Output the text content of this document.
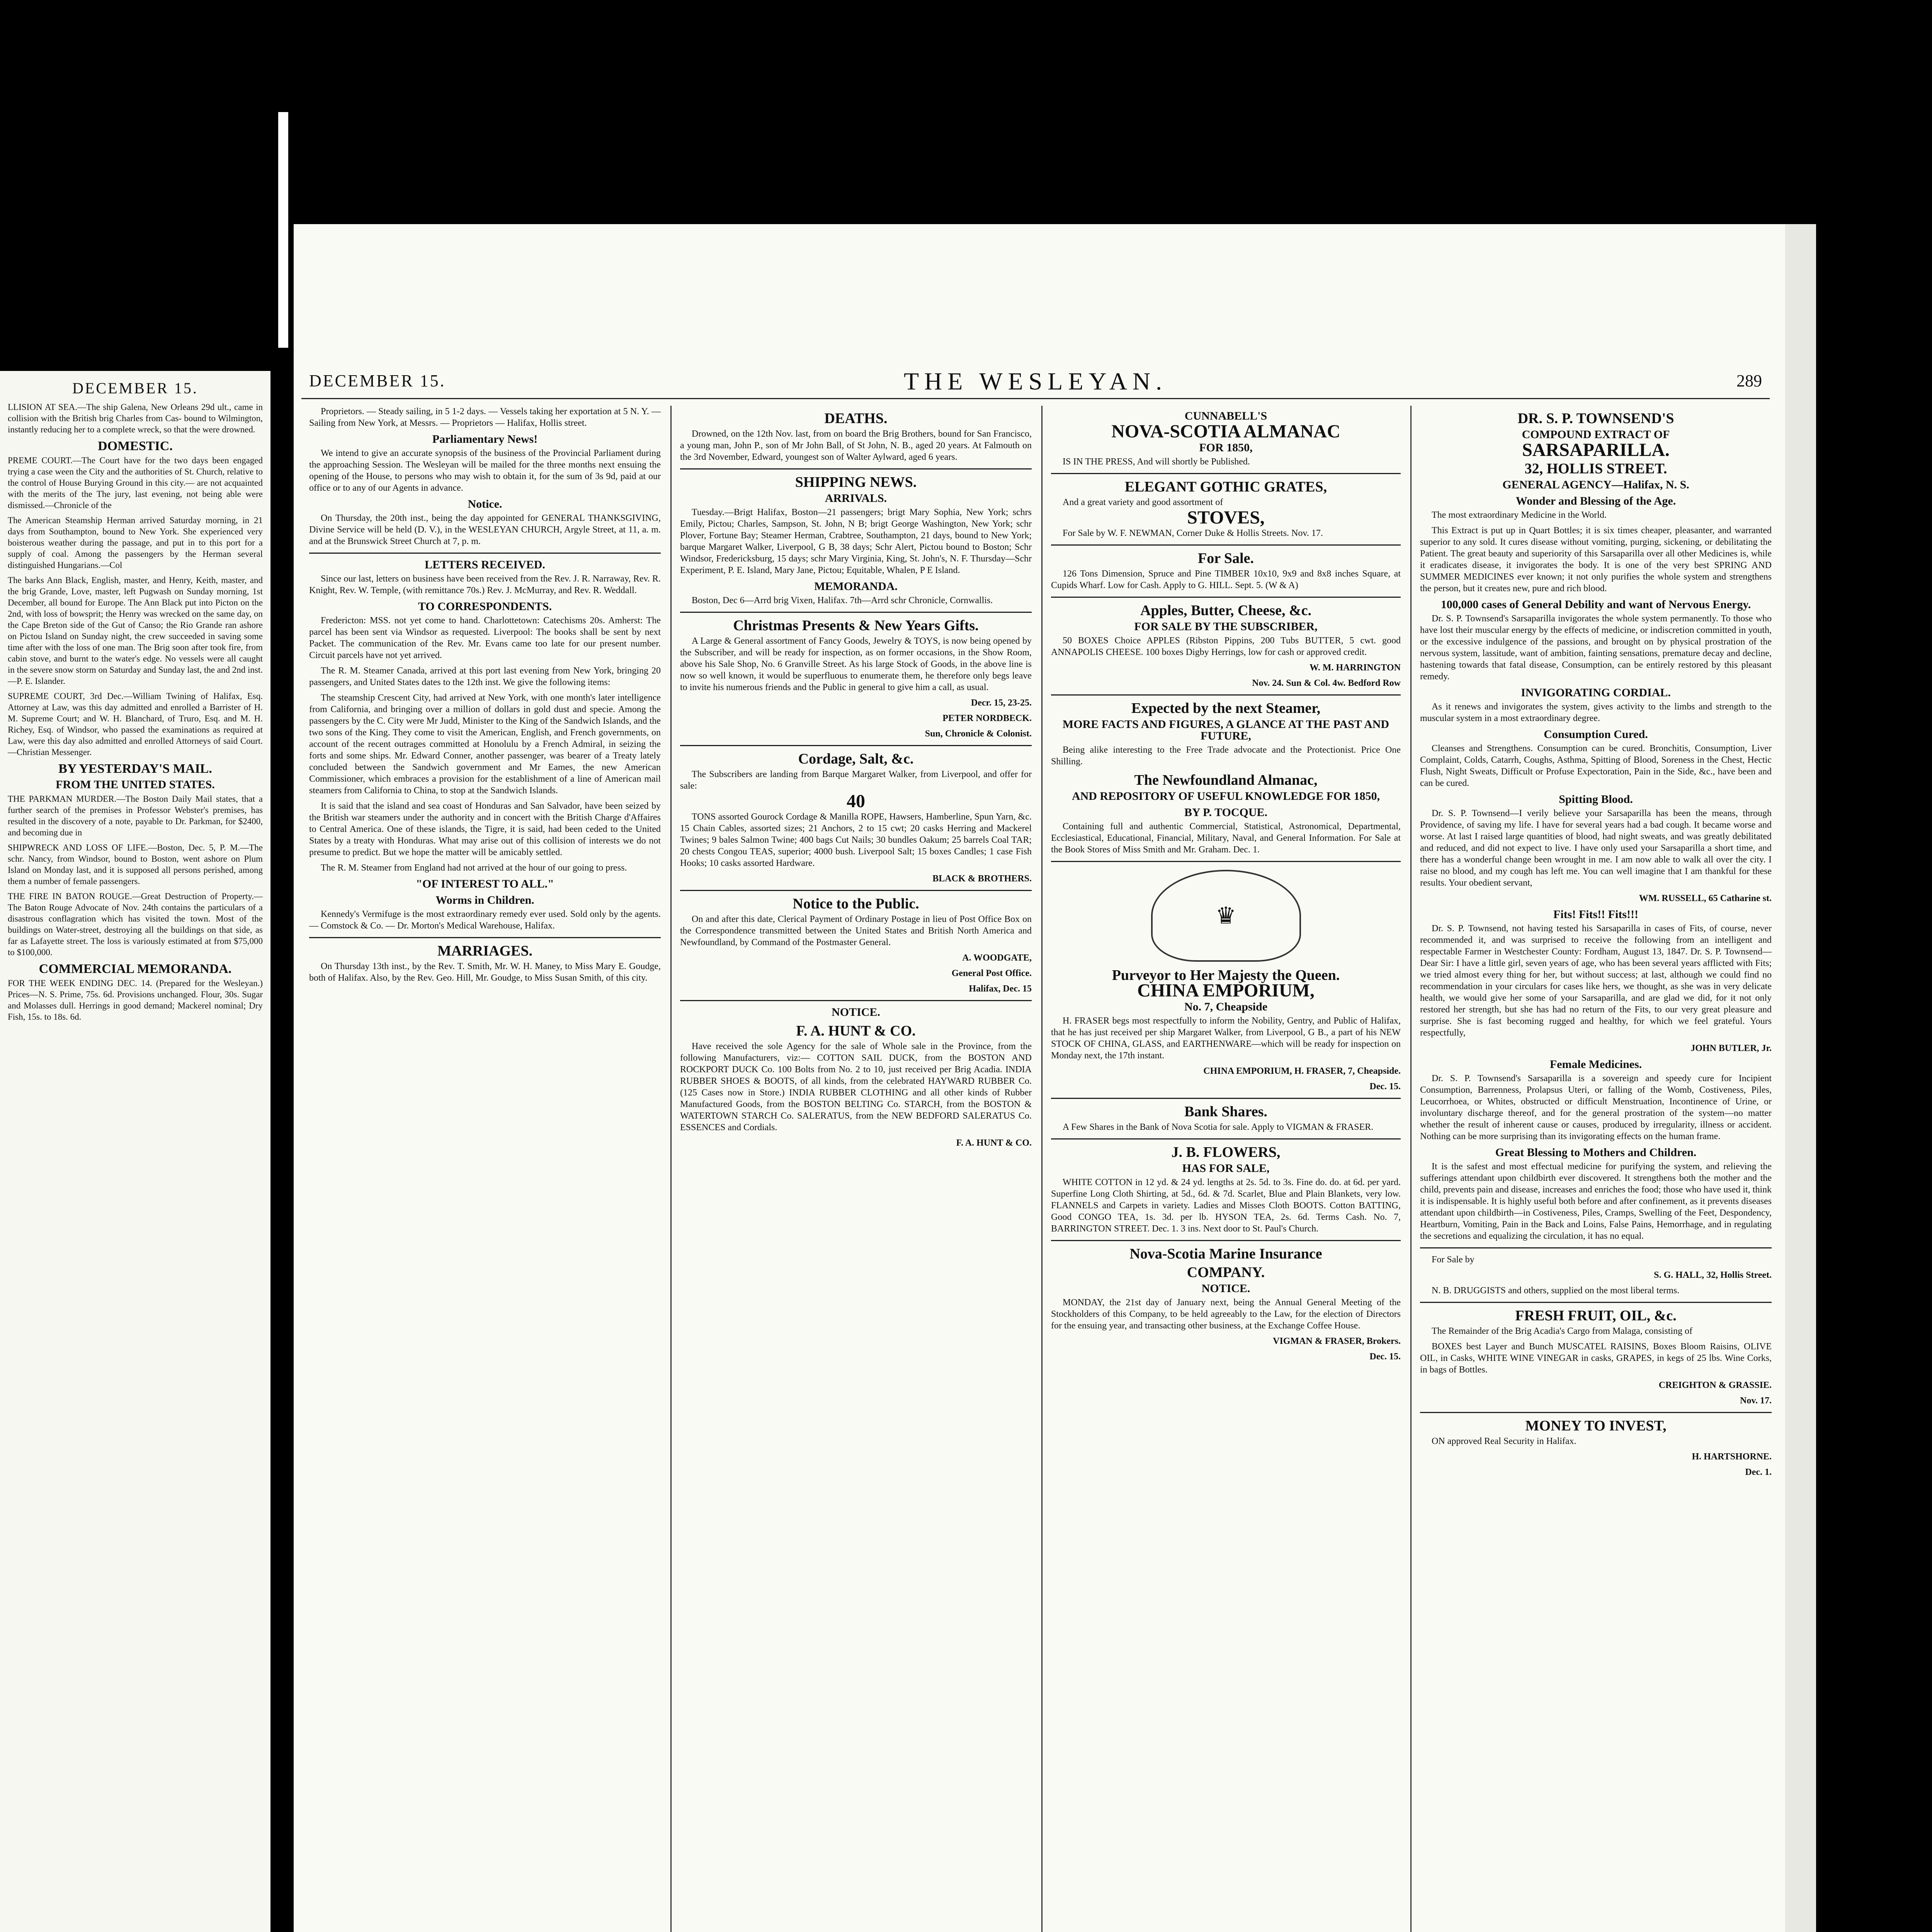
DECEMBER 15.

LLISION AT SEA.—The ship Galena, New Orleans 29d ult., came in collision with the British brig Charles from Cas- bound to Wilmington, instantly reducing her to a complete wreck, so that the were drowned.

DOMESTIC.

PREME COURT.—The Court have for the two days been engaged trying a case ween the City and the authorities of St. Church, relative to the control of House Burying Ground in this city.— are not acquainted with the merits of the The jury, last evening, not being able were dismissed.—Chronicle of the

The American Steamship Herman arrived Saturday morning, in 21 days from Southampton, bound to New York. She experienced very boisterous weather during the passage, and put in to this port for a supply of coal. Among the passengers by the Herman several distinguished Hungarians.—Col

The barks Ann Black, English, master, and Henry, Keith, master, and the brig Grande, Love, master, left Pugwash on Sunday morning, 1st December, all bound for Europe. The Ann Black put into Picton on the 2nd, with loss of bowsprit; the Henry was wrecked on the same day, on the Cape Breton side of the Gut of Canso; the Rio Grande ran ashore on Pictou Island on Sunday night, the crew succeeded in saving some time after with the loss of one man. The Brig soon after took fire, from cabin stove, and burnt to the water's edge. No vessels were all caught in the severe snow storm on Saturday and Sunday last, the and 2nd inst.—P. E. Islander.

SUPREME COURT, 3rd Dec.—William Twining of Halifax, Esq. Attorney at Law, was this day admitted and enrolled a Barrister of H. M. Supreme Court; and W. H. Blanchard, of Truro, Esq. and M. H. Richey, Esq. of Windsor, who passed the examinations as required at Law, were this day also admitted and enrolled Attorneys of said Court.—Christian Messenger.

BY YESTERDAY'S MAIL.
FROM THE UNITED STATES.

THE PARKMAN MURDER.—The Boston Daily Mail states, that a further search of the premises in Professor Webster's premises, has resulted in the discovery of a note, payable to Dr. Parkman, for $2400, and becoming due in

SHIPWRECK AND LOSS OF LIFE.—Boston, Dec. 5, P. M.—The schr. Nancy, from Windsor, bound to Boston, went ashore on Plum Island on Monday last, and it is supposed all persons perished, among them a number of female passengers.

THE FIRE IN BATON ROUGE.—Great Destruction of Property.—The Baton Rouge Advocate of Nov. 24th contains the particulars of a disastrous conflagration which has visited the town. Most of the buildings on Water-street, destroying all the buildings on that side, as far as Lafayette street. The loss is variously estimated at from $75,000 to $100,000.

COMMERCIAL MEMORANDA.

FOR THE WEEK ENDING DEC. 14. (Prepared for the Wesleyan.) Prices—N. S. Prime, 75s. 6d. Provisions unchanged. Flour, 30s. Sugar and Molasses dull. Herrings in good demand; Mackerel nominal; Dry Fish, 15s. to 18s. 6d.

DECEMBER 15.	THE WESLEYAN.	289

Proprietors. — Steady sailing, in 5 1-2 days. — Vessels taking her exportation at 5 N. Y. — Sailing from New York, at Messrs. — Proprietors — Halifax, Hollis street.

Parliamentary News!

We intend to give an accurate synopsis of the business of the Provincial Parliament during the approaching Session. The Wesleyan will be mailed for the three months next ensuing the opening of the House, to persons who may wish to obtain it, for the sum of 3s 9d, paid at our office or to any of our Agents in advance.

Notice.

On Thursday, the 20th inst., being the day appointed for GENERAL THANKSGIVING, Divine Service will be held (D. V.), in the WESLEYAN CHURCH, Argyle Street, at 11, a. m. and at the Brunswick Street Church at 7, p. m.

LETTERS RECEIVED.

Since our last, letters on business have been received from the Rev. J. R. Narraway, Rev. R. Knight, Rev. W. Temple, (with remittance 70s.) Rev. J. McMurray, and Rev. R. Weddall.

TO CORRESPONDENTS.

Fredericton: MSS. not yet come to hand. Charlottetown: Catechisms 20s. Amherst: The parcel has been sent via Windsor as requested. Liverpool: The books shall be sent by next Packet. The communication of the Rev. Mr. Evans came too late for our present number. Circuit parcels have not yet arrived.

The R. M. Steamer Canada, arrived at this port last evening from New York, bringing 20 passengers, and United States dates to the 12th inst. We give the following items:

The steamship Crescent City, had arrived at New York, with one month's later intelligence from California, and bringing over a million of dollars in gold dust and specie. Among the passengers by the C. City were Mr Judd, Minister to the King of the Sandwich Islands, and the two sons of the King. They come to visit the American, English, and French governments, on account of the recent outrages committed at Honolulu by a French Admiral, in seizing the forts and some ships. Mr. Edward Conner, another passenger, was bearer of a Treaty lately concluded between the Sandwich government and Mr Eames, the new American Commissioner, which embraces a provision for the establishment of a line of American mail steamers from California to China, to stop at the Sandwich Islands.

It is said that the island and sea coast of Honduras and San Salvador, have been seized by the British war steamers under the authority and in concert with the British Charge d'Affaires to Central America. One of these islands, the Tigre, it is said, had been ceded to the United States by a treaty with Honduras. What may arise out of this collision of interests we do not presume to predict. But we hope the matter will be amicably settled.

The R. M. Steamer from England had not arrived at the hour of our going to press.

"OF INTEREST TO ALL."
Worms in Children.

Kennedy's Vermifuge is the most extraordinary remedy ever used. Sold only by the agents. — Comstock & Co. — Dr. Morton's Medical Warehouse, Halifax.

MARRIAGES.

On Thursday 13th inst., by the Rev. T. Smith, Mr. W. H. Maney, to Miss Mary E. Goudge, both of Halifax. Also, by the Rev. Geo. Hill, Mr. Goudge, to Miss Susan Smith, of this city.

DEATHS.

Drowned, on the 12th Nov. last, from on board the Brig Brothers, bound for San Francisco, a young man, John P., son of Mr John Ball, of St John, N. B., aged 20 years. At Falmouth on the 3rd November, Edward, youngest son of Walter Aylward, aged 6 years.

SHIPPING NEWS.
ARRIVALS.

Tuesday.—Brigt Halifax, Boston—21 passengers; brigt Mary Sophia, New York; schrs Emily, Pictou; Charles, Sampson, St. John, N B; brigt George Washington, New York; schr Plover, Fortune Bay; Steamer Herman, Crabtree, Southampton, 21 days, bound to New York; barque Margaret Walker, Liverpool, G B, 38 days; Schr Alert, Pictou bound to Boston; Schr Windsor, Fredericksburg, 15 days; schr Mary Virginia, King, St. John's, N. F. Thursday—Schr Experiment, P. E. Island, Mary Jane, Pictou; Equitable, Whalen, P E Island.

MEMORANDA.

Boston, Dec 6—Arrd brig Vixen, Halifax. 7th—Arrd schr Chronicle, Cornwallis.

Christmas Presents & New Years Gifts.

A Large & General assortment of Fancy Goods, Jewelry & TOYS, is now being opened by the Subscriber, and will be ready for inspection, as on former occasions, in the Show Room, above his Sale Shop, No. 6 Granville Street. As his large Stock of Goods, in the above line is now so well known, it would be superfluous to enumerate them, he therefore only begs leave to invite his numerous friends and the Public in general to give him a call, as usual.

Decr. 15, 23-25.
PETER NORDBECK.
Sun, Chronicle & Colonist.
Cordage, Salt, &c.

The Subscribers are landing from Barque Margaret Walker, from Liverpool, and offer for sale:

40

TONS assorted Gourock Cordage & Manilla ROPE, Hawsers, Hamberline, Spun Yarn, &c. 15 Chain Cables, assorted sizes; 21 Anchors, 2 to 15 cwt; 20 casks Herring and Mackerel Twines; 9 bales Salmon Twine; 400 bags Cut Nails; 30 bundles Oakum; 25 barrels Coal TAR; 20 chests Congou TEAS, superior; 4000 bush. Liverpool Salt; 15 boxes Candles; 1 case Fish Hooks; 10 casks assorted Hardware.

BLACK & BROTHERS.
Notice to the Public.

On and after this date, Clerical Payment of Ordinary Postage in lieu of Post Office Box on the Correspondence transmitted between the United States and British North America and Newfoundland, by Command of the Postmaster General.

A. WOODGATE,
General Post Office.
Halifax, Dec. 15
NOTICE.
F. A. HUNT & CO.

Have received the sole Agency for the sale of Whole sale in the Province, from the following Manufacturers, viz:— COTTON SAIL DUCK, from the BOSTON AND ROCKPORT DUCK Co. 100 Bolts from No. 2 to 10, just received per Brig Acadia. INDIA RUBBER SHOES & BOOTS, of all kinds, from the celebrated HAYWARD RUBBER Co. (125 Cases now in Store.) INDIA RUBBER CLOTHING and all other kinds of Rubber Manufactured Goods, from the BOSTON BELTING Co. STARCH, from the BOSTON & WATERTOWN STARCH Co. SALERATUS, from the NEW BEDFORD SALERATUS Co. ESSENCES and Cordials.

F. A. HUNT & CO.
CUNNABELL'S
NOVA-SCOTIA ALMANAC
FOR 1850,

IS IN THE PRESS, And will shortly be Published.

ELEGANT GOTHIC GRATES,

And a great variety and good assortment of

STOVES,

For Sale by W. F. NEWMAN, Corner Duke & Hollis Streets. Nov. 17.

For Sale.

126 Tons Dimension, Spruce and Pine TIMBER 10x10, 9x9 and 8x8 inches Square, at Cupids Wharf. Low for Cash. Apply to G. HILL. Sept. 5. (W & A)

Apples, Butter, Cheese, &c.
FOR SALE BY THE SUBSCRIBER,

50 BOXES Choice APPLES (Ribston Pippins, 200 Tubs BUTTER, 5 cwt. good ANNAPOLIS CHEESE. 100 boxes Digby Herrings, low for cash or approved credit.

W. M. HARRINGTON
Nov. 24. Sun & Col. 4w. Bedford Row
Expected by the next Steamer,
MORE FACTS AND FIGURES, A GLANCE AT THE PAST AND FUTURE,

Being alike interesting to the Free Trade advocate and the Protectionist. Price One Shilling.

The Newfoundland Almanac,
AND REPOSITORY OF USEFUL KNOWLEDGE FOR 1850,
BY P. TOCQUE.

Containing full and authentic Commercial, Statistical, Astronomical, Departmental, Ecclesiastical, Educational, Financial, Military, Naval, and General Information. For Sale at the Book Stores of Miss Smith and Mr. Graham. Dec. 1.

♛
Purveyor to Her Majesty the Queen.
CHINA EMPORIUM,
No. 7, Cheapside

H. FRASER begs most respectfully to inform the Nobility, Gentry, and Public of Halifax, that he has just received per ship Margaret Walker, from Liverpool, G B., a part of his NEW STOCK OF CHINA, GLASS, and EARTHENWARE—which will be ready for inspection on Monday next, the 17th instant.

CHINA EMPORIUM, H. FRASER, 7, Cheapside.
Dec. 15.
Bank Shares.

A Few Shares in the Bank of Nova Scotia for sale. Apply to VIGMAN & FRASER.

J. B. FLOWERS,
HAS FOR SALE,

WHITE COTTON in 12 yd. & 24 yd. lengths at 2s. 5d. to 3s. Fine do. do. at 6d. per yard. Superfine Long Cloth Shirting, at 5d., 6d. & 7d. Scarlet, Blue and Plain Blankets, very low. FLANNELS and Carpets in variety. Ladies and Misses Cloth BOOTS. Cotton BATTING, Good CONGO TEA, 1s. 3d. per lb. HYSON TEA, 2s. 6d. Terms Cash. No. 7, BARRINGTON STREET. Dec. 1. 3 ins. Next door to St. Paul's Church.

Nova-Scotia Marine Insurance
COMPANY.
NOTICE.

MONDAY, the 21st day of January next, being the Annual General Meeting of the Stockholders of this Company, to be held agreeably to the Law, for the election of Directors for the ensuing year, and transacting other business, at the Exchange Coffee House.

VIGMAN & FRASER, Brokers.
Dec. 15.
DR. S. P. TOWNSEND'S
COMPOUND EXTRACT OF
SARSAPARILLA.
32, HOLLIS STREET.
GENERAL AGENCY—Halifax, N. S.
Wonder and Blessing of the Age.

The most extraordinary Medicine in the World.

This Extract is put up in Quart Bottles; it is six times cheaper, pleasanter, and warranted superior to any sold. It cures disease without vomiting, purging, sickening, or debilitating the Patient. The great beauty and superiority of this Sarsaparilla over all other Medicines is, while it eradicates disease, it invigorates the body. It is one of the very best SPRING AND SUMMER MEDICINES ever known; it not only purifies the whole system and strengthens the person, but it creates new, pure and rich blood.

100,000 cases of General Debility and want of Nervous Energy.

Dr. S. P. Townsend's Sarsaparilla invigorates the whole system permanently. To those who have lost their muscular energy by the effects of medicine, or indiscretion committed in youth, or the excessive indulgence of the passions, and brought on by physical prostration of the nervous system, lassitude, want of ambition, fainting sensations, premature decay and decline, hastening towards that fatal disease, Consumption, can be entirely restored by this pleasant remedy.

INVIGORATING CORDIAL.

As it renews and invigorates the system, gives activity to the limbs and strength to the muscular system in a most extraordinary degree.

Consumption Cured.

Cleanses and Strengthens. Consumption can be cured. Bronchitis, Consumption, Liver Complaint, Colds, Catarrh, Coughs, Asthma, Spitting of Blood, Soreness in the Chest, Hectic Flush, Night Sweats, Difficult or Profuse Expectoration, Pain in the Side, &c., have been and can be cured.

Spitting Blood.

Dr. S. P. Townsend—I verily believe your Sarsaparilla has been the means, through Providence, of saving my life. I have for several years had a bad cough. It became worse and worse. At last I raised large quantities of blood, had night sweats, and was greatly debilitated and reduced, and did not expect to live. I have only used your Sarsaparilla a short time, and there has a wonderful change been wrought in me. I am now able to walk all over the city. I raise no blood, and my cough has left me. You can well imagine that I am thankful for these results. Your obedient servant,

WM. RUSSELL, 65 Catharine st.
Fits! Fits!! Fits!!!

Dr. S. P. Townsend, not having tested his Sarsaparilla in cases of Fits, of course, never recommended it, and was surprised to receive the following from an intelligent and respectable Farmer in Westchester County: Fordham, August 13, 1847. Dr. S. P. Townsend—Dear Sir: I have a little girl, seven years of age, who has been several years afflicted with Fits; we tried almost every thing for her, but without success; at last, although we could find no recommendation in your circulars for cases like hers, we thought, as she was in very delicate health, we would give her some of your Sarsaparilla, and are glad we did, for it not only restored her strength, but she has had no return of the Fits, to our very great pleasure and surprise. She is fast becoming rugged and healthy, for which we feel grateful. Yours respectfully,

JOHN BUTLER, Jr.
Female Medicines.

Dr. S. P. Townsend's Sarsaparilla is a sovereign and speedy cure for Incipient Consumption, Barrenness, Prolapsus Uteri, or falling of the Womb, Costiveness, Piles, Leucorrhoea, or Whites, obstructed or difficult Menstruation, Incontinence of Urine, or involuntary discharge thereof, and for the general prostration of the system—no matter whether the result of inherent cause or causes, produced by irregularity, illness or accident. Nothing can be more surprising than its invigorating effects on the human frame.

Great Blessing to Mothers and Children.

It is the safest and most effectual medicine for purifying the system, and relieving the sufferings attendant upon childbirth ever discovered. It strengthens both the mother and the child, prevents pain and disease, increases and enriches the food; those who have used it, think it is indispensable. It is highly useful both before and after confinement, as it prevents diseases attendant upon childbirth—in Costiveness, Piles, Cramps, Swelling of the Feet, Despondency, Heartburn, Vomiting, Pain in the Back and Loins, False Pains, Hemorrhage, and in regulating the secretions and equalizing the circulation, it has no equal.

For Sale by

S. G. HALL, 32, Hollis Street.

N. B. DRUGGISTS and others, supplied on the most liberal terms.

FRESH FRUIT, OIL, &c.

The Remainder of the Brig Acadia's Cargo from Malaga, consisting of

BOXES best Layer and Bunch MUSCATEL RAISINS, Boxes Bloom Raisins, OLIVE OIL, in Casks, WHITE WINE VINEGAR in casks, GRAPES, in kegs of 25 lbs. Wine Corks, in bags of Bottles.

CREIGHTON & GRASSIE.
Nov. 17.
MONEY TO INVEST,

ON approved Real Security in Halifax.

H. HARTSHORNE.
Dec. 1.
